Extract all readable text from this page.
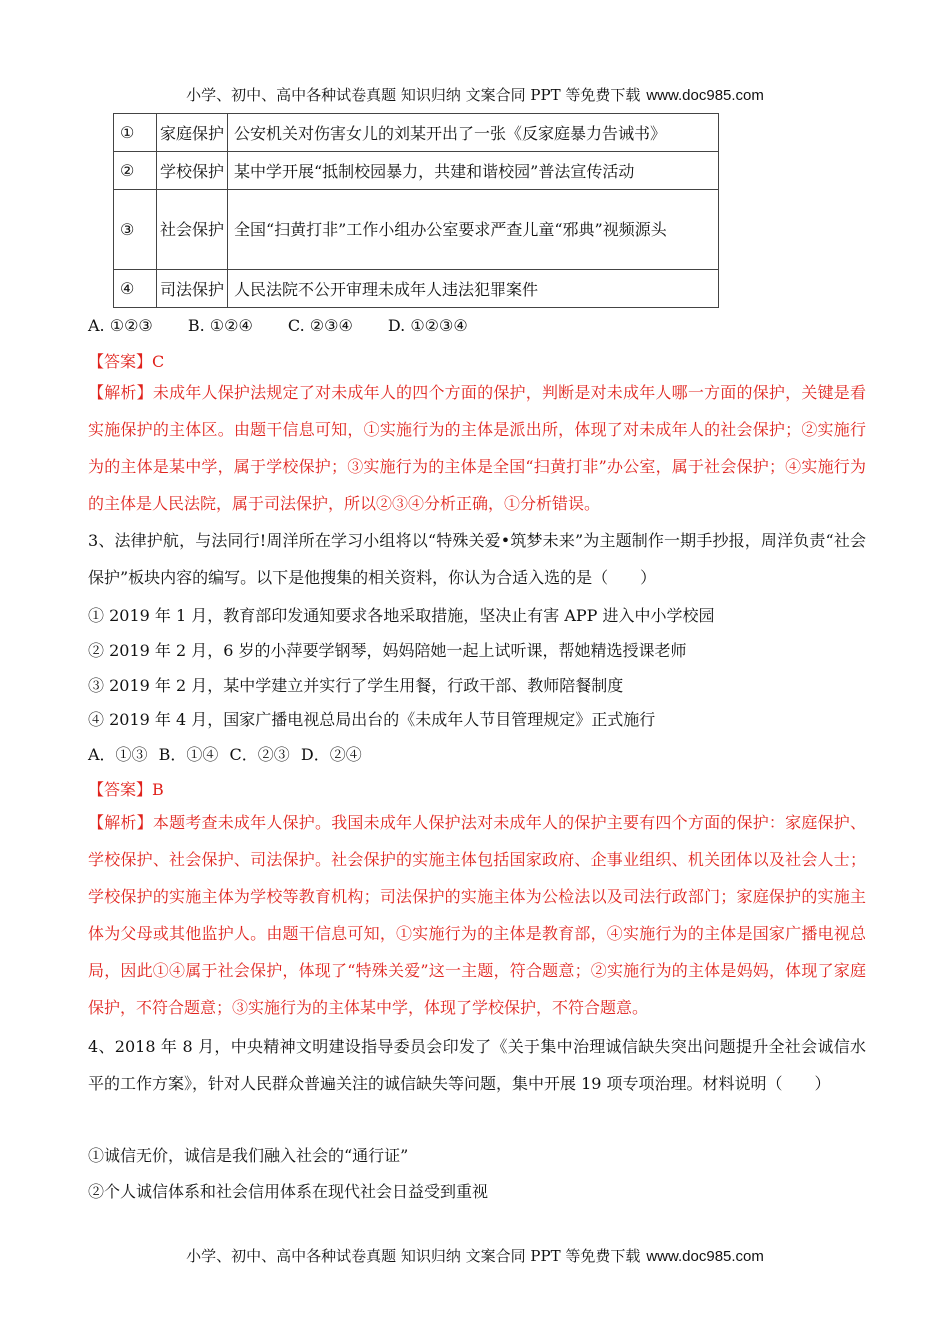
小学、初中、高中各种试卷真题 知识归纳 文案合同 PPT 等免费下载 www.doc985.com
①	家庭保护	公安机关对伤害女儿的刘某开出了一张《反家庭暴力告诫书》
②	学校保护	某中学开展“抵制校园暴力，共建和谐校园”普法宣传活动
③	社会保护	全国“扫黄打非”工作小组办公室要求严查儿童“邪典”视频源头
④	司法保护	人民法院不公开审理未成年人违法犯罪案件
A. ①②③ B. ①②④ C. ②③④ D. ①②③④
【答案】C
【解析】未成年人保护法规定了对未成年人的四个方面的保护，判断是对未成年人哪一方面的保护，关键是看实施保护的主体区。由题干信息可知，①实施行为的主体是派出所，体现了对未成年人的社会保护；②实施行为的主体是某中学，属于学校保护；③实施行为的主体是全国“扫黄打非”办公室，属于社会保护；④实施行为的主体是人民法院，属于司法保护，所以②③④分析正确，①分析错误。
3、法律护航，与法同行!周洋所在学习小组将以“特殊关爱•筑梦未来”为主题制作一期手抄报，周洋负责“社会保护”板块内容的编写。以下是他搜集的相关资料，你认为合适入选的是（　　）
① 2019 年 1 月，教育部印发通知要求各地采取措施，坚决止有害 APP 进入中小学校园
② 2019 年 2 月，6 岁的小萍要学钢琴，妈妈陪她一起上试听课，帮她精选授课老师
③ 2019 年 2 月，某中学建立并实行了学生用餐，行政干部、教师陪餐制度
④ 2019 年 4 月，国家广播电视总局出台的《未成年人节目管理规定》正式施行
A．①③ B．①④ C．②③ D．②④
【答案】B
【解析】本题考查未成年人保护。我国未成年人保护法对未成年人的保护主要有四个方面的保护：家庭保护、学校保护、社会保护、司法保护。社会保护的实施主体包括国家政府、企事业组织、机关团体以及社会人士；学校保护的实施主体为学校等教育机构；司法保护的实施主体为公检法以及司法行政部门；家庭保护的实施主体为父母或其他监护人。由题干信息可知，①实施行为的主体是教育部，④实施行为的主体是国家广播电视总局，因此①④属于社会保护，体现了“特殊关爱”这一主题，符合题意；②实施行为的主体是妈妈，体现了家庭保护，不符合题意；③实施行为的主体某中学，体现了学校保护，不符合题意。
4、2018 年 8 月，中央精神文明建设指导委员会印发了《关于集中治理诚信缺失突出问题提升全社会诚信水平的工作方案》，针对人民群众普遍关注的诚信缺失等问题，集中开展 19 项专项治理。材料说明（　　）
①诚信无价，诚信是我们融入社会的“通行证”
②个人诚信体系和社会信用体系在现代社会日益受到重视
小学、初中、高中各种试卷真题 知识归纳 文案合同 PPT 等免费下载 www.doc985.com
